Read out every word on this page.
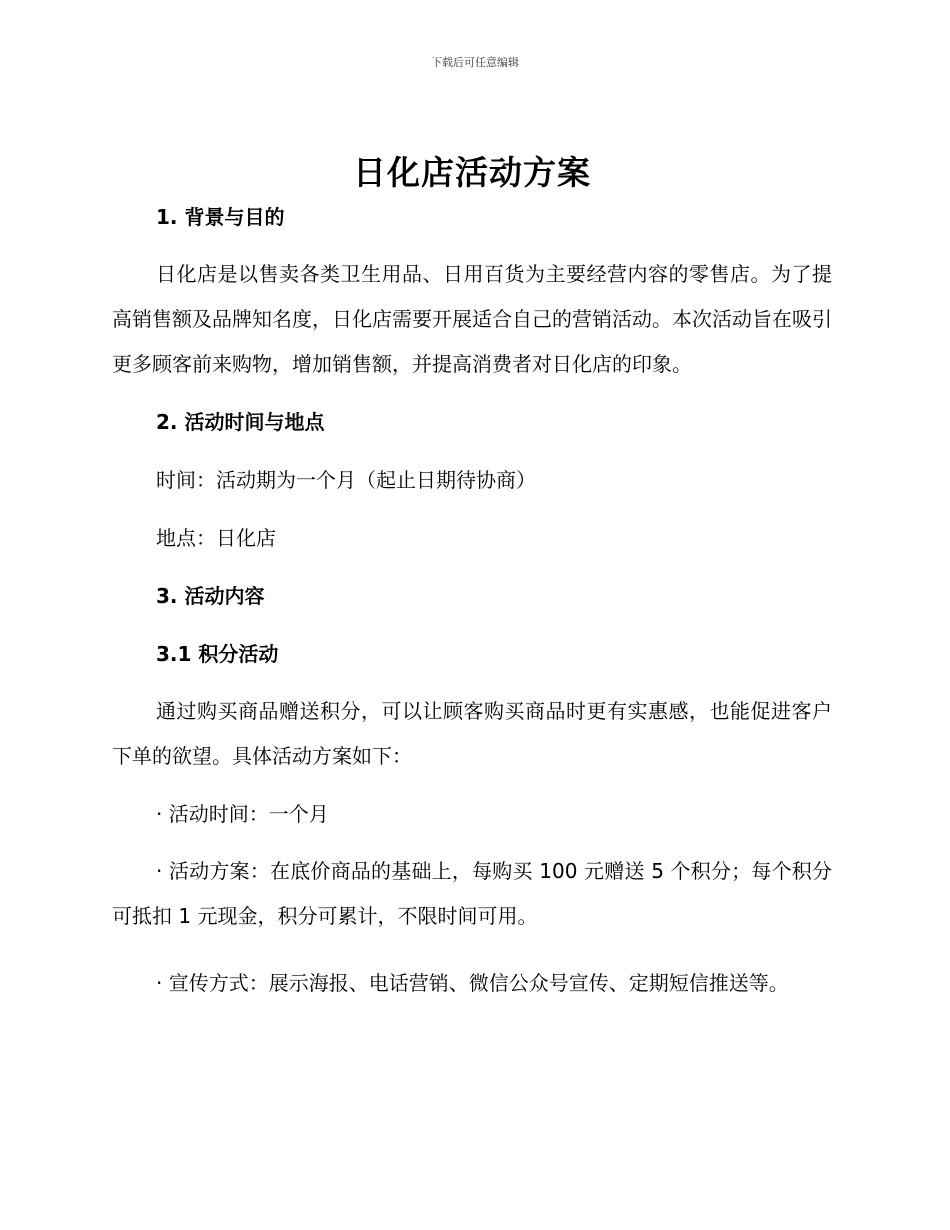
下载后可任意编辑
日化店活动方案
1. 背景与目的

日化店是以售卖各类卫生用品、日用百货为主要经营内容的零售店。为了提高销售额及品牌知名度，日化店需要开展适合自己的营销活动。本次活动旨在吸引更多顾客前来购物，增加销售额，并提高消费者对日化店的印象。

2. 活动时间与地点
时间：活动期为一个月（起止日期待协商）
地点：日化店
3. 活动内容
3.1 积分活动

通过购买商品赠送积分，可以让顾客购买商品时更有实惠感，也能促进客户下单的欲望。具体活动方案如下：

· 活动时间：一个月

· 活动方案：在底价商品的基础上，每购买 100 元赠送 5 个积分；每个积分可抵扣 1 元现金，积分可累计，不限时间可用。

· 宣传方式：展示海报、电话营销、微信公众号宣传、定期短信推送等。
